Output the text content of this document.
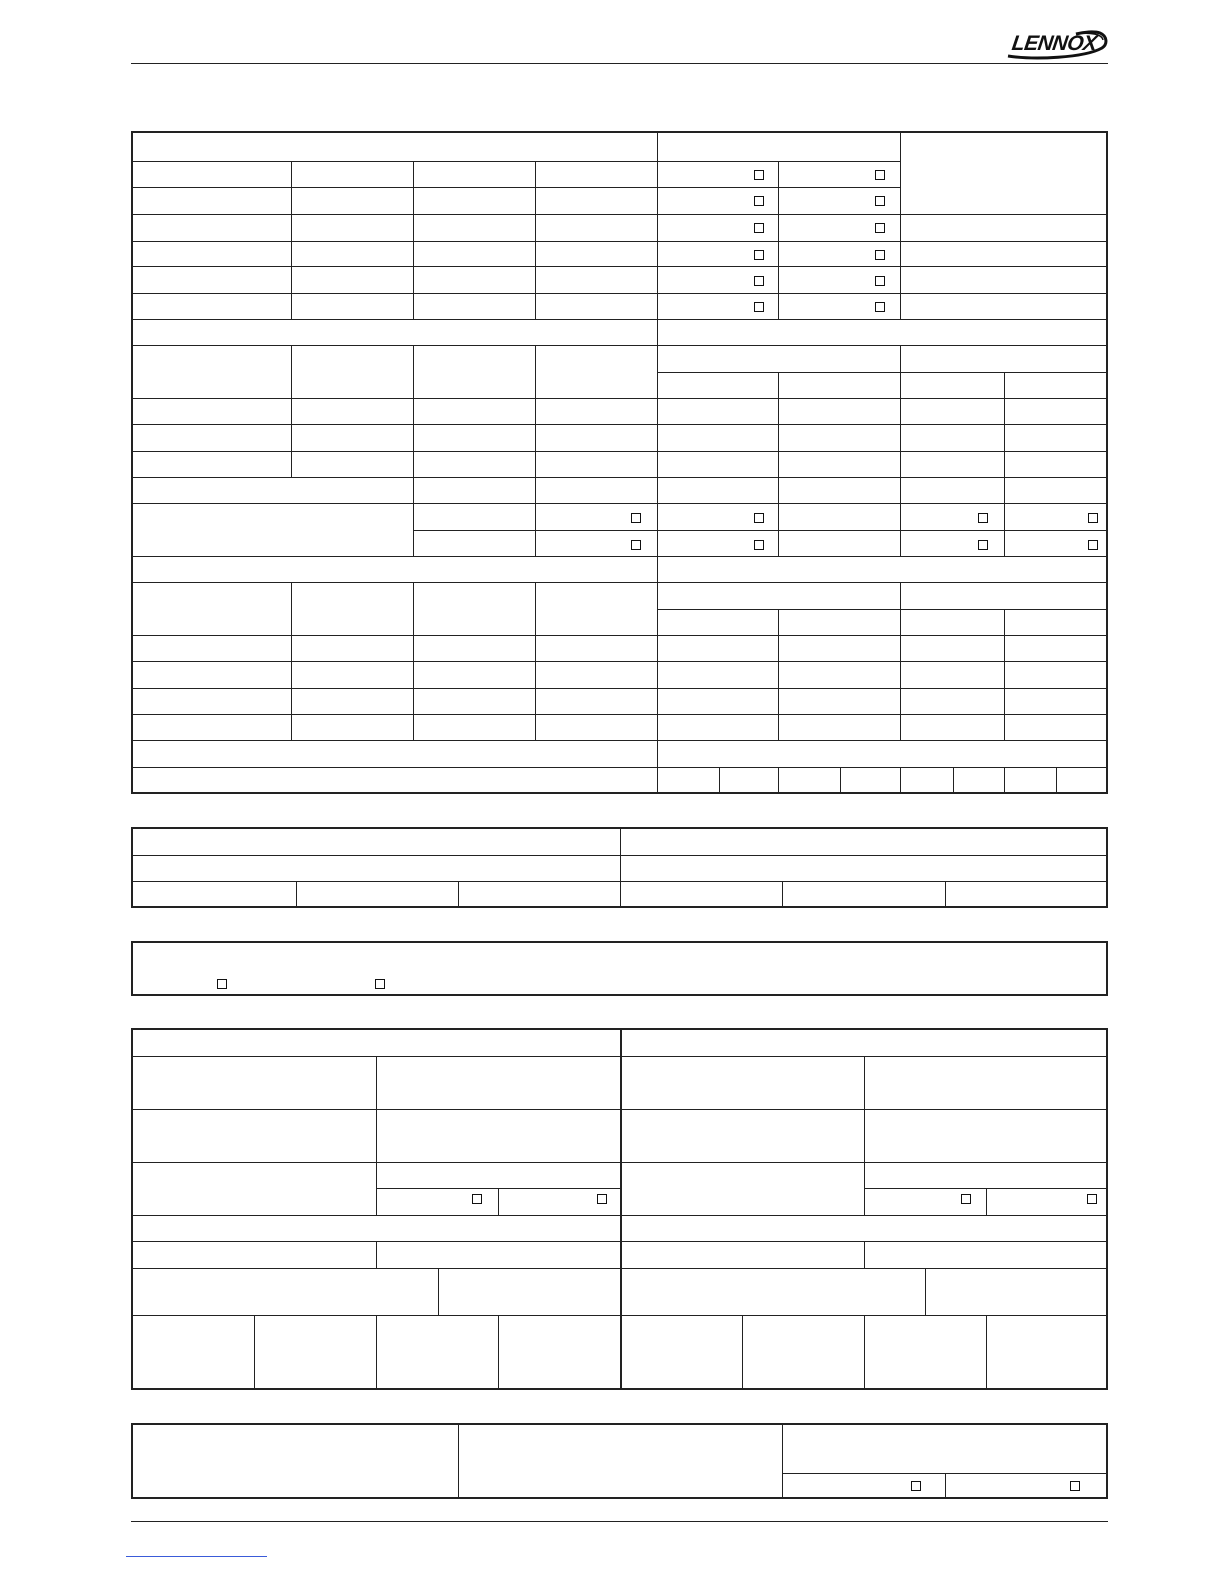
LENNOX
